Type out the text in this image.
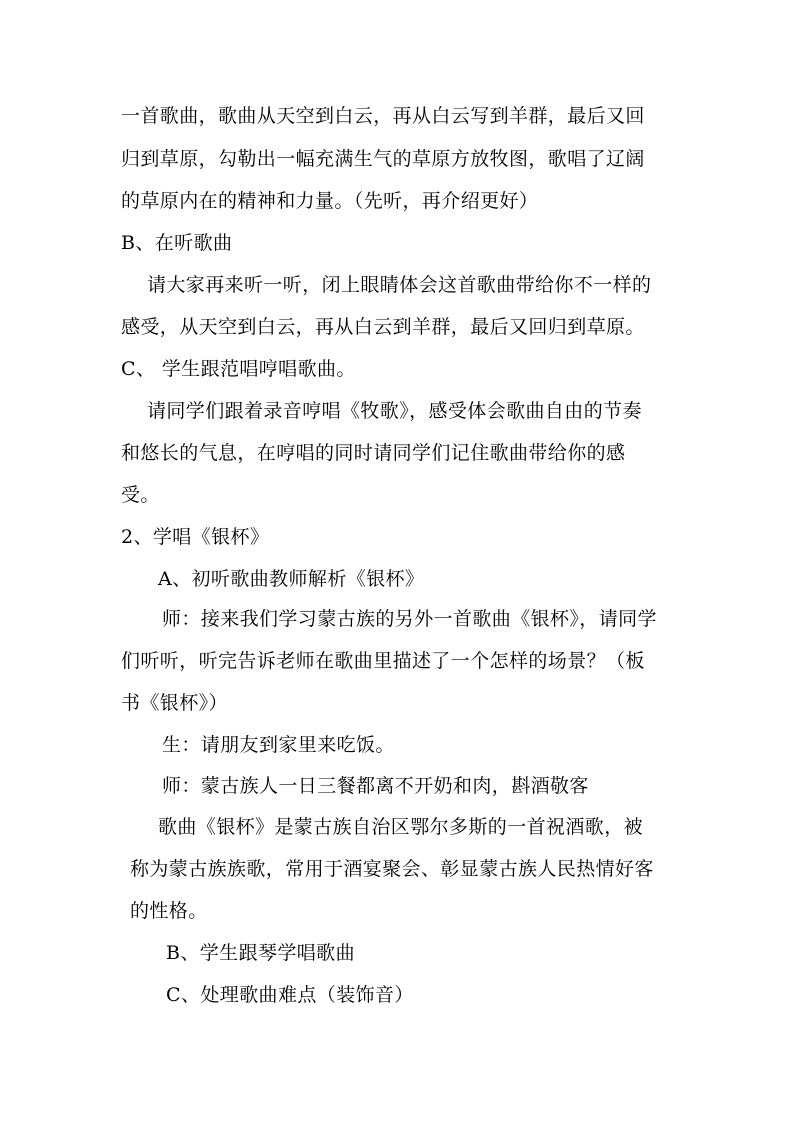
一首歌曲，歌曲从天空到白云，再从白云写到羊群，最后又回
归到草原，勾勒出一幅充满生气的草原方放牧图，歌唱了辽阔
的草原内在的精神和力量。（先听，再介绍更好）
B、在听歌曲
请大家再来听一听，闭上眼睛体会这首歌曲带给你不一样的
感受，从天空到白云，再从白云到羊群，最后又回归到草原。
C、 学生跟范唱哼唱歌曲。
请同学们跟着录音哼唱《牧歌》，感受体会歌曲自由的节奏
和悠长的气息，在哼唱的同时请同学们记住歌曲带给你的感
受。
2、学唱《银杯》
A、初听歌曲教师解析《银杯》
师：接来我们学习蒙古族的另外一首歌曲《银杯》，请同学
们听听，听完告诉老师在歌曲里描述了一个怎样的场景？（板
书《银杯》）
生：请朋友到家里来吃饭。
师：蒙古族人一日三餐都离不开奶和肉，斟酒敬客
歌曲《银杯》是蒙古族自治区鄂尔多斯的一首祝酒歌，被
称为蒙古族族歌，常用于酒宴聚会、彰显蒙古族人民热情好客
的性格。
B、学生跟琴学唱歌曲
C、处理歌曲难点（装饰音）
